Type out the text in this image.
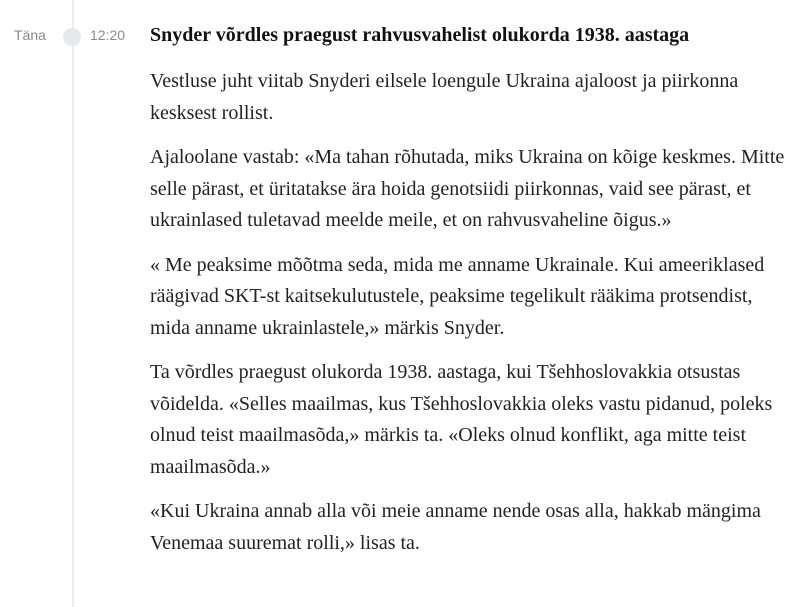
Täna	12:20 Snyder võrdles praegust rahvusvahelist olukorda 1938. aastaga

Vestluse juht viitab Snyderi eilsele loengule Ukraina ajaloost ja piirkonna kesksest rollist.

Ajaloolane vastab: «Ma tahan rõhutada, miks Ukraina on kõige keskmes. Mitte selle pärast, et üritatakse ära hoida genotsiidi piirkonnas, vaid see pärast, et ukrainlased tuletavad meelde meile, et on rahvusvaheline õigus.»

« Me peaksime mõõtma seda, mida me anname Ukrainale. Kui ameeriklased räägivad SKT-st kaitsekulutustele, peaksime tegelikult rääkima protsendist, mida anname ukrainlastele,» märkis Snyder.

Ta võrdles praegust olukorda 1938. aastaga, kui Tšehhoslovakkia otsustas võidelda. «Selles maailmas, kus Tšehhoslovakkia oleks vastu pidanud, poleks olnud teist maailmasõda,» märkis ta. «Oleks olnud konflikt, aga mitte teist maailmasõda.»

«Kui Ukraina annab alla või meie anname nende osas alla, hakkab mängima Venemaa suuremat rolli,» lisas ta.
